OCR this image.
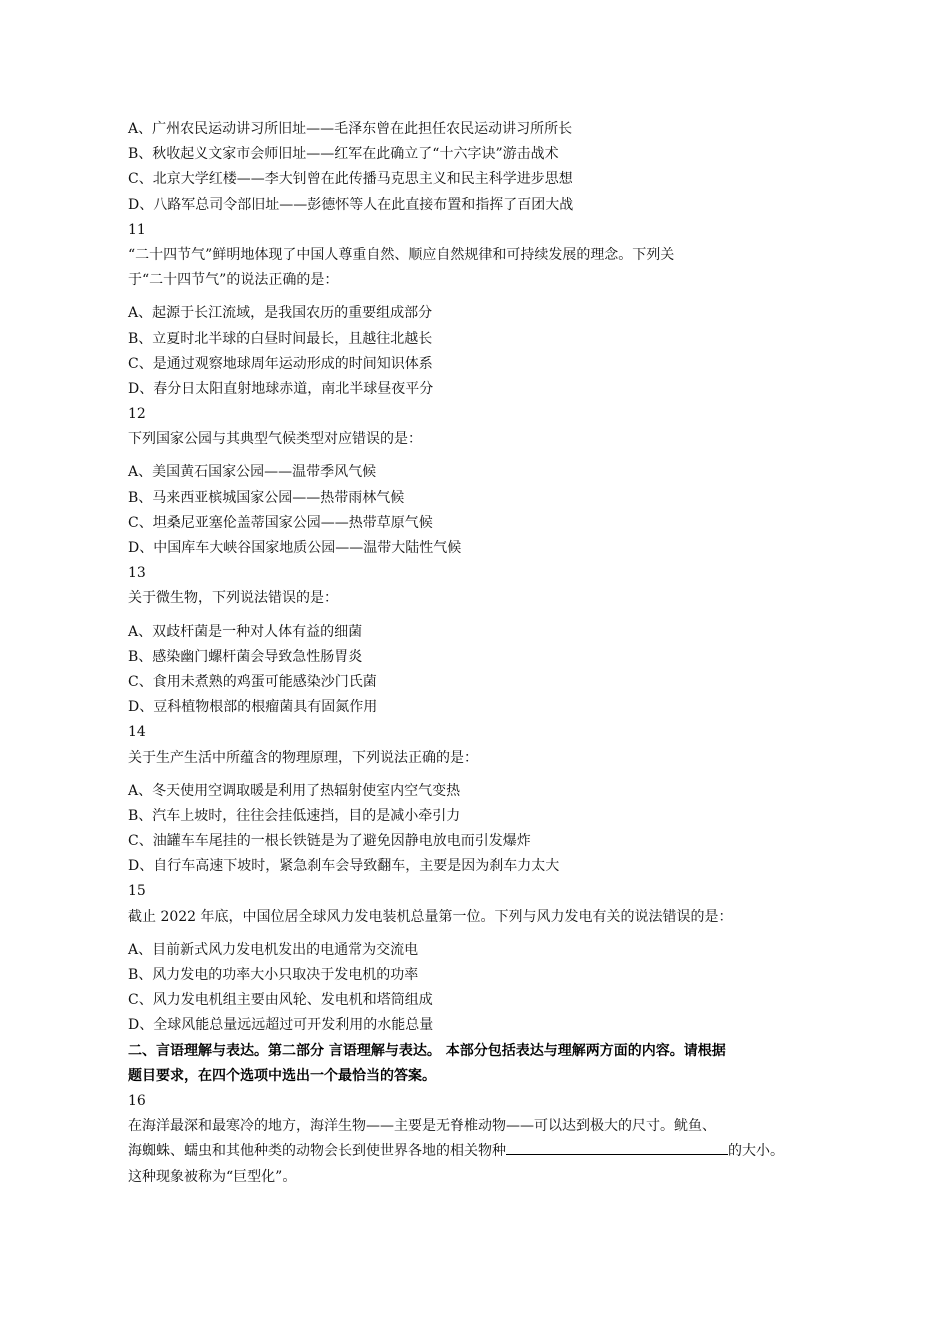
A、广州农民运动讲习所旧址——毛泽东曾在此担任农民运动讲习所所长
B、秋收起义文家市会师旧址——红军在此确立了“十六字诀”游击战术
C、北京大学红楼——李大钊曾在此传播马克思主义和民主科学进步思想
D、八路军总司令部旧址——彭德怀等人在此直接布置和指挥了百团大战
11
“二十四节气”鲜明地体现了中国人尊重自然、顺应自然规律和可持续发展的理念。下列关
于“二十四节气”的说法正确的是：
A、起源于长江流域，是我国农历的重要组成部分
B、立夏时北半球的白昼时间最长，且越往北越长
C、是通过观察地球周年运动形成的时间知识体系
D、春分日太阳直射地球赤道，南北半球昼夜平分
12
下列国家公园与其典型气候类型对应错误的是：
A、美国黄石国家公园——温带季风气候
B、马来西亚槟城国家公园——热带雨林气候
C、坦桑尼亚塞伦盖蒂国家公园——热带草原气候
D、中国库车大峡谷国家地质公园——温带大陆性气候
13
关于微生物，下列说法错误的是：
A、双歧杆菌是一种对人体有益的细菌
B、感染幽门螺杆菌会导致急性肠胃炎
C、食用未煮熟的鸡蛋可能感染沙门氏菌
D、豆科植物根部的根瘤菌具有固氮作用
14
关于生产生活中所蕴含的物理原理，下列说法正确的是：
A、冬天使用空调取暖是利用了热辐射使室内空气变热
B、汽车上坡时，往往会挂低速挡，目的是减小牵引力
C、油罐车车尾挂的一根长铁链是为了避免因静电放电而引发爆炸
D、自行车高速下坡时，紧急刹车会导致翻车，主要是因为刹车力太大
15
截止 2022 年底，中国位居全球风力发电装机总量第一位。下列与风力发电有关的说法错误的是：
A、目前新式风力发电机发出的电通常为交流电
B、风力发电的功率大小只取决于发电机的功率
C、风力发电机组主要由风轮、发电机和塔筒组成
D、全球风能总量远远超过可开发利用的水能总量
二、言语理解与表达。第二部分 言语理解与表达。 本部分包括表达与理解两方面的内容。请根据
题目要求，在四个选项中选出一个最恰当的答案。
16
在海洋最深和最寒冷的地方，海洋生物——主要是无脊椎动物——可以达到极大的尺寸。鱿鱼、
海蜘蛛、蠕虫和其他种类的动物会长到使世界各地的相关物种	的大小。
这种现象被称为“巨型化”。
